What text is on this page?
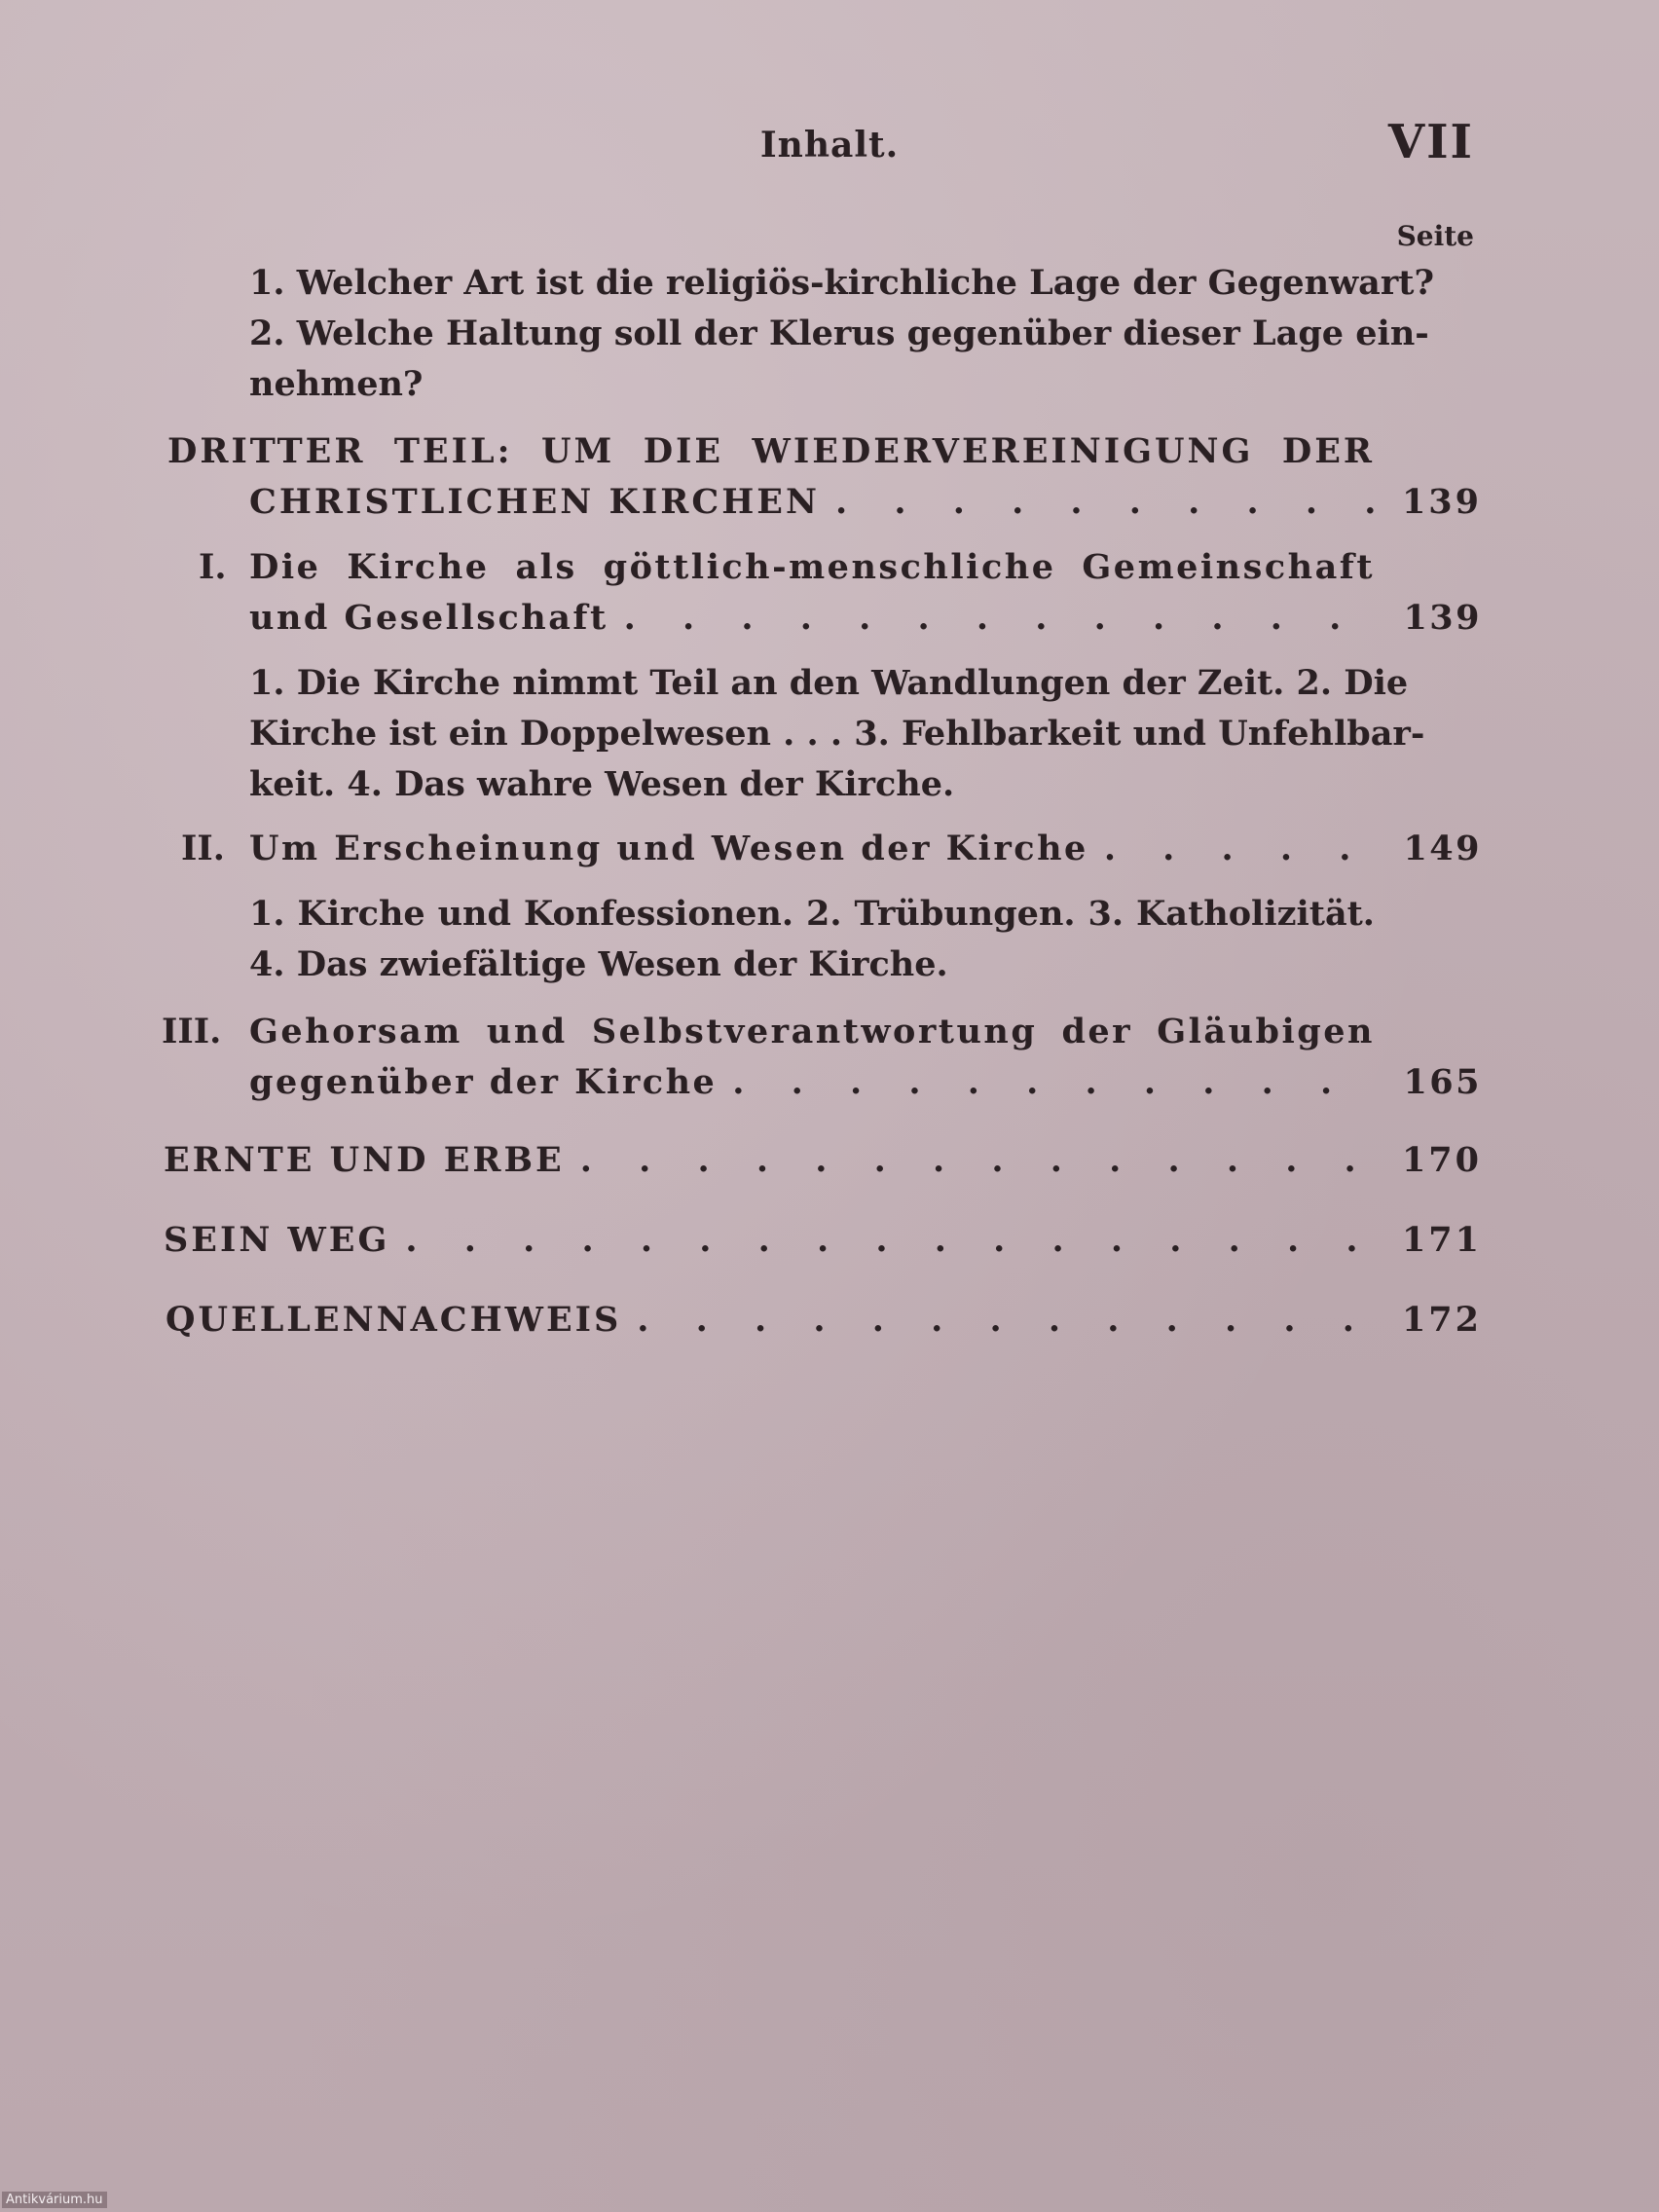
Inhalt.	VII
Seite
1. Welcher Art ist die religiös-kirchliche Lage der Gegenwart?
2. Welche Haltung soll der Klerus gegenüber dieser Lage ein-
nehmen?
DRITTER TEIL: UM DIE WIEDERVEREINIGUNG DER
CHRISTLICHEN KIRCHEN . . .	139
I. Die Kirche als göttlich-menschliche Gemeinschaft
und Gesellschaft . . .	139
1. Die Kirche nimmt Teil an den Wandlungen der Zeit. 2. Die
Kirche ist ein Doppelwesen . . . 3. Fehlbarkeit und Unfehlbar-
keit. 4. Das wahre Wesen der Kirche.
II. Um Erscheinung und Wesen der Kirche . . .	149
1. Kirche und Konfessionen. 2. Trübungen. 3. Katholizität.
4. Das zwiefältige Wesen der Kirche.
III. Gehorsam und Selbstverantwortung der Gläubigen
gegenüber der Kirche . . .	165
ERNTE UND ERBE . . .	170
SEIN WEG . . .	171
QUELLENNACHWEIS . . .	172
Antikvárium.hu
